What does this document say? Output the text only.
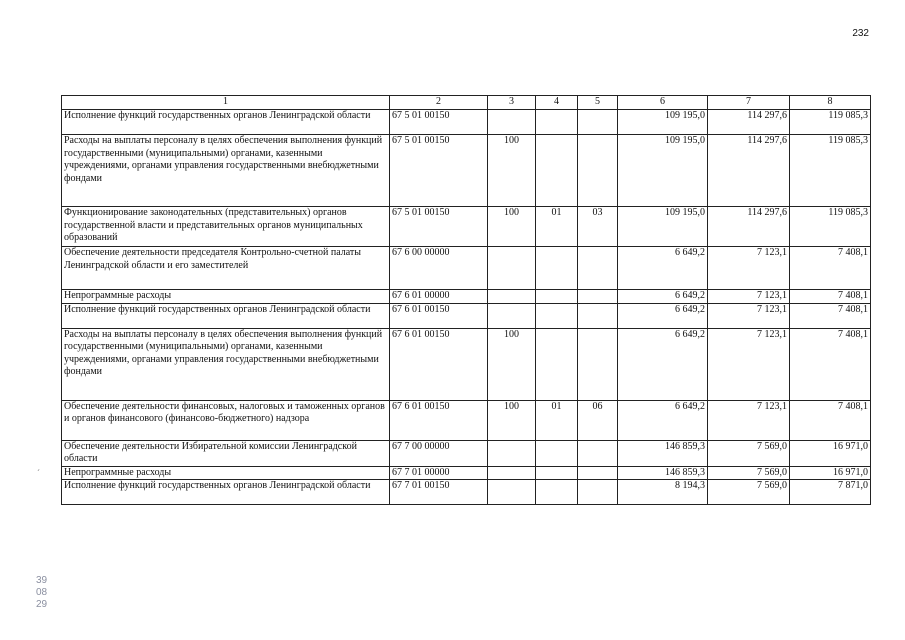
232
ˊ
1	2	3	4	5	6	7	8
Исполнение функций государственных органов Ленинградской области	67 5 01 00150				109 195,0	114 297,6	119 085,3
Расходы на выплаты персоналу в целях обеспечения выполнения функций государственными (муниципальными) органами, казенными учреждениями, органами управления государственными внебюджетными фондами	67 5 01 00150	100			109 195,0	114 297,6	119 085,3
Функционирование законодательных (представительных) органов государственной власти и представительных органов муниципальных образований	67 5 01 00150	100	01	03	109 195,0	114 297,6	119 085,3
Обеспечение деятельности председателя Контрольно-счетной палаты Ленинградской области и его заместителей	67 6 00 00000				6 649,2	7 123,1	7 408,1
Непрограммные расходы	67 6 01 00000				6 649,2	7 123,1	7 408,1
Исполнение функций государственных органов Ленинградской области	67 6 01 00150				6 649,2	7 123,1	7 408,1
Расходы на выплаты персоналу в целях обеспечения выполнения функций государственными (муниципальными) органами, казенными учреждениями, органами управления государственными внебюджетными фондами	67 6 01 00150	100			6 649,2	7 123,1	7 408,1
Обеспечение деятельности финансовых, налоговых и таможенных органов и органов финансового (финансово-бюджетного) надзора	67 6 01 00150	100	01	06	6 649,2	7 123,1	7 408,1
Обеспечение деятельности Избирательной комиссии Ленинградской области	67 7 00 00000				146 859,3	7 569,0	16 971,0
Непрограммные расходы	67 7 01 00000				146 859,3	7 569,0	16 971,0
Исполнение функций государственных органов Ленинградской области	67 7 01 00150				8 194,3	7 569,0	7 871,0
39
08
29
